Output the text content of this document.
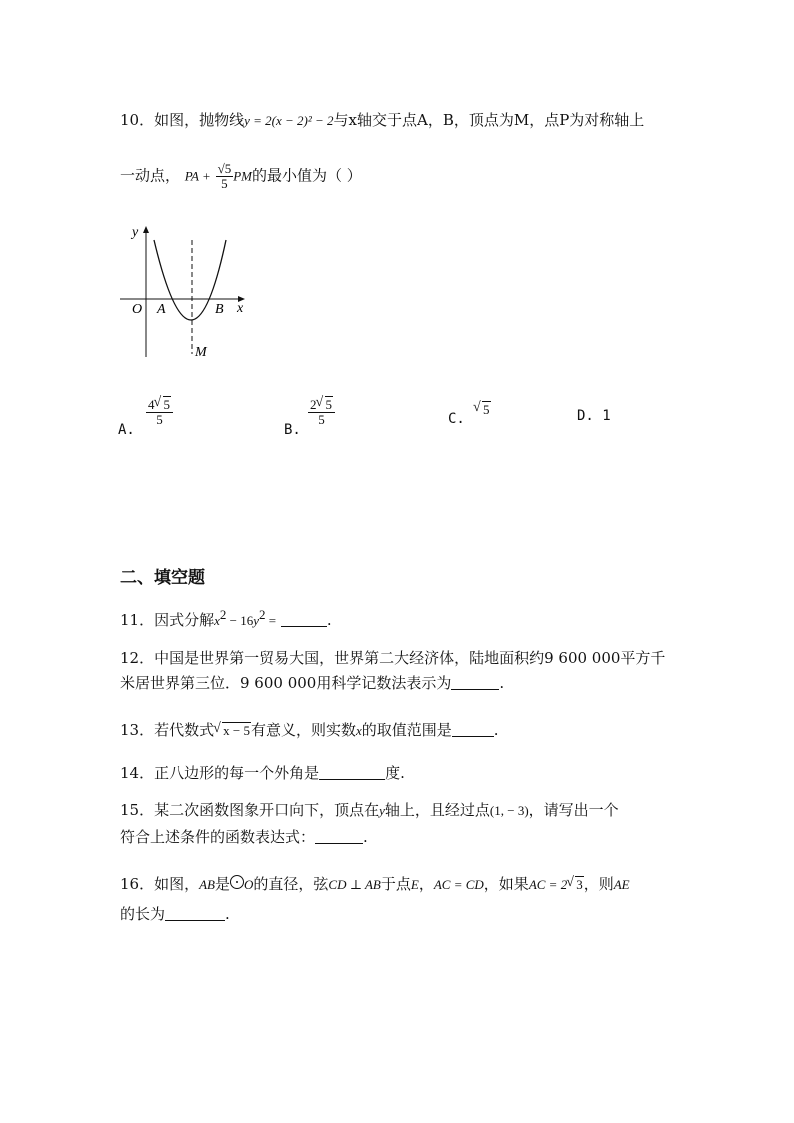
10．如图，抛物线y = 2(x − 2)² − 2与x轴交于点A，B，顶点为M，点P为对称轴上
一动点， PA + $\frac{√5}{5}$ PM的最小值为（ ）
y
x
O A	B
M
A.
$\frac{4 √ 5}{5}$
B.
$\frac{2 √ 5}{5}$	C.
√ 5	D. 1
二、填空题
11．因式分解$x^2 - 16y^2$ =	.
12．中国是世界第一贸易大国，世界第二大经济体，陆地面积约9 600 000平方千
米居世界第三位．9 600 000用科学记数法表示为	.
13．若代数式 √ x − 5有意义，则实数x的取值范围是	.
14．正八边形的每一个外角是	度.
15．某二次函数图象开口向下，顶点在y轴上，且经过点(1, − 3)，请写出一个
符合上述条件的函数表达式：	.
16．如图，AB是 O的直径，弦CD ⊥ AB于点E，AC = CD，如果AC = 2 √ 3，则AE
的长为	.
